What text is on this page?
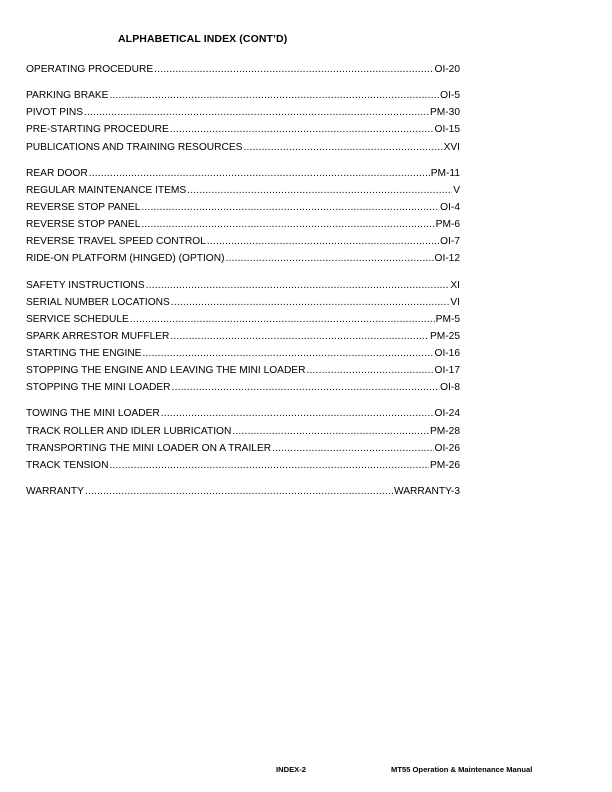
ALPHABETICAL INDEX (CONT’D)
OPERATING PROCEDURE .....	OI-20
PARKING BRAKE .....	OI-5
PIVOT PINS .....	PM-30
PRE-STARTING PROCEDURE .....	OI-15
PUBLICATIONS AND TRAINING RESOURCES .....	XVI
REAR DOOR .....	PM-11
REGULAR MAINTENANCE ITEMS .....	V
REVERSE STOP PANEL .....	OI-4
REVERSE STOP PANEL .....	PM-6
REVERSE TRAVEL SPEED CONTROL .....	OI-7
RIDE-ON PLATFORM (HINGED) (OPTION) .....	OI-12
SAFETY INSTRUCTIONS .....	XI
SERIAL NUMBER LOCATIONS .....	VI
SERVICE SCHEDULE .....	PM-5
SPARK ARRESTOR MUFFLER .....	PM-25
STARTING THE ENGINE .....	OI-16
STOPPING THE ENGINE AND LEAVING THE MINI LOADER .....	OI-17
STOPPING THE MINI LOADER .....	OI-8
TOWING THE MINI LOADER .....	OI-24
TRACK ROLLER AND IDLER LUBRICATION .....	PM-28
TRANSPORTING THE MINI LOADER ON A TRAILER .....	OI-26
TRACK TENSION .....	PM-26
WARRANTY .....	WARRANTY-3
INDEX-2	MT55 Operation & Maintenance Manual
